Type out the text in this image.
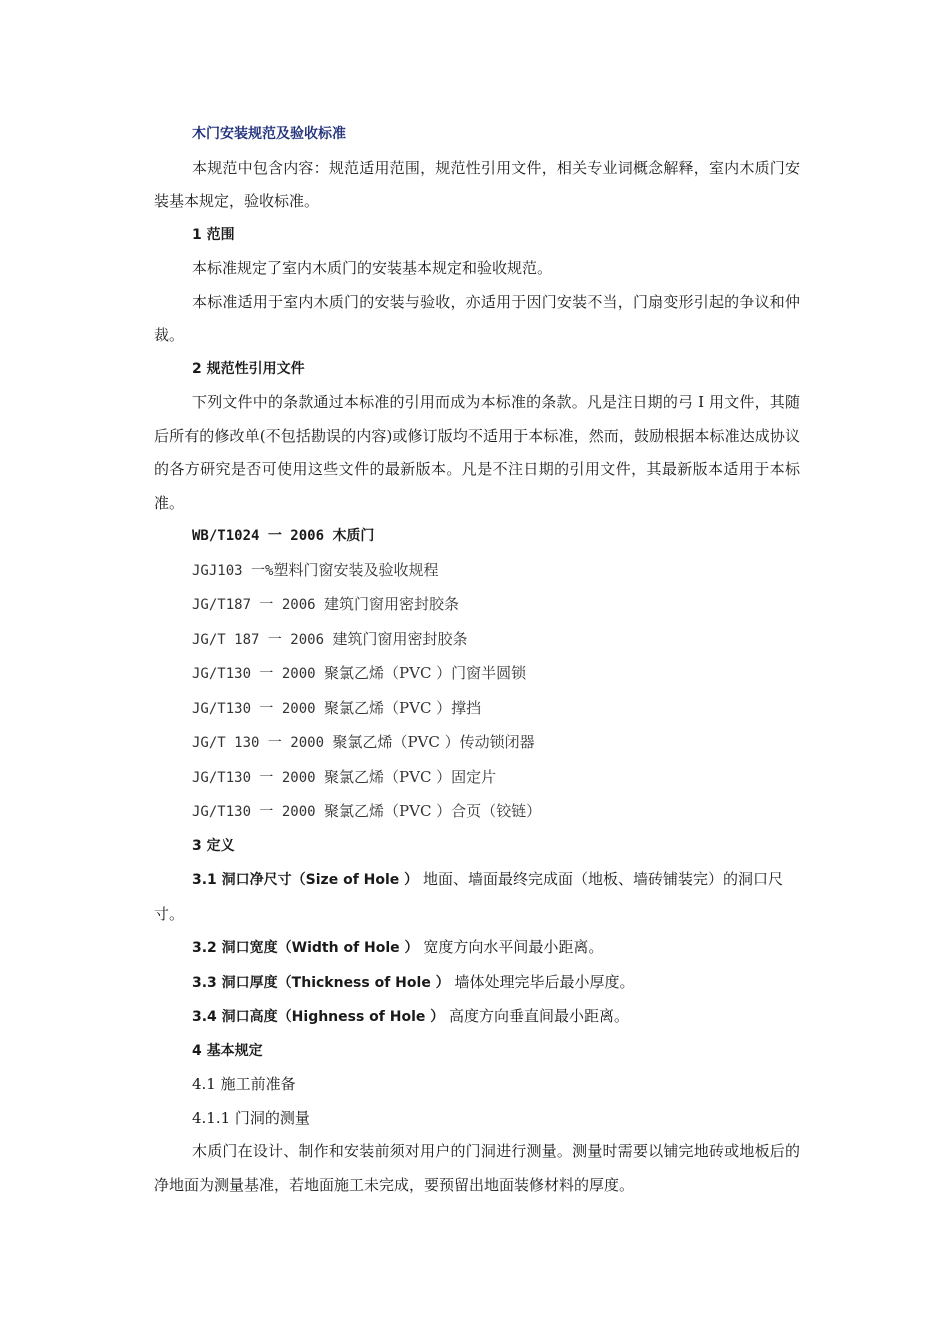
木门安装规范及验收标准

本规范中包含内容：规范适用范围，规范性引用文件，相关专业词概念解释，室内木质门安装基本规定，验收标准。

1 范围

本标准规定了室内木质门的安装基本规定和验收规范。

本标准适用于室内木质门的安装与验收，亦适用于因门安装不当，门扇变形引起的争议和仲裁。

2 规范性引用文件

下列文件中的条款通过本标准的引用而成为本标准的条款。凡是注日期的弓 I 用文件，其随后所有的修改单(不包括勘误的内容)或修订版均不适用于本标准，然而，鼓励根据本标准达成协议的各方研究是否可使用这些文件的最新版本。凡是不注日期的引用文件，其最新版本适用于本标准。

WB/T1024 一 2006 木质门

JGJ103 一%塑料门窗安装及验收规程

JG/T187 一 2006 建筑门窗用密封胶条

JG/T 187 一 2006 建筑门窗用密封胶条

JG/T130 一 2000 聚氯乙烯（PVC ）门窗半圆锁

JG/T130 一 2000 聚氯乙烯（PVC ）撑挡

JG/T 130 一 2000 聚氯乙烯（PVC ）传动锁闭器

JG/T130 一 2000 聚氯乙烯（PVC ）固定片

JG/T130 一 2000 聚氯乙烯（PVC ）合页（铰链）

3 定义

3.1 洞口净尺寸（Size of Hole ） 地面、墙面最终完成面（地板、墙砖铺装完）的洞口尺寸。

3.2 洞口宽度（Width of Hole ） 宽度方向水平间最小距离。

3.3 洞口厚度（Thickness of Hole ） 墙体处理完毕后最小厚度。

3.4 洞口高度（Highness of Hole ） 高度方向垂直间最小距离。

4 基本规定

4.1 施工前准备

4.1.1 门洞的测量

木质门在设计、制作和安装前须对用户的门洞进行测量。测量时需要以铺完地砖或地板后的净地面为测量基准，若地面施工未完成，要预留出地面装修材料的厚度。
